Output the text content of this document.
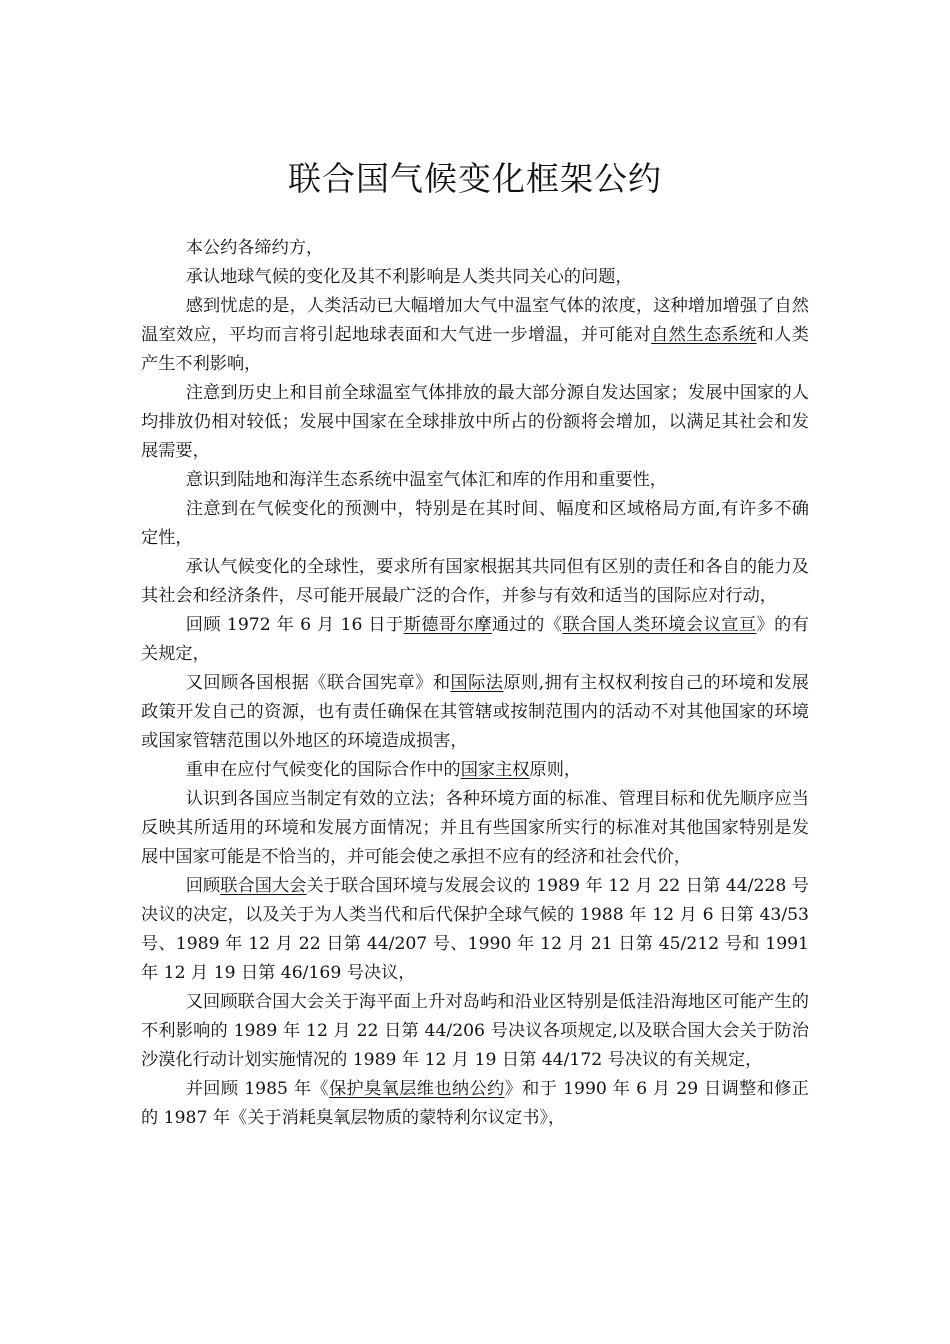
联合国气候变化框架公约

本公约各缔约方，

承认地球气候的变化及其不利影响是人类共同关心的问题，

感到忧虑的是，人类活动已大幅增加大气中温室气体的浓度，这种增加增强了自然温室效应，平均而言将引起地球表面和大气进一步增温，并可能对自然生态系统和人类产生不利影响，

注意到历史上和目前全球温室气体排放的最大部分源自发达国家；发展中国家的人均排放仍相对较低；发展中国家在全球排放中所占的份额将会增加，以满足其社会和发展需要，

意识到陆地和海洋生态系统中温室气体汇和库的作用和重要性，

注意到在气候变化的预测中，特别是在其时间、幅度和区域格局方面,有许多不确定性，

承认气候变化的全球性，要求所有国家根据其共同但有区别的责任和各自的能力及其社会和经济条件，尽可能开展最广泛的合作，并参与有效和适当的国际应对行动，

回顾 1972 年 6 月 16 日于斯德哥尔摩通过的《联合国人类环境会议宣亘》的有关规定，

又回顾各国根据《联合国宪章》和国际法原则,拥有主权权利按自己的环境和发展政策开发自己的资源，也有责任确保在其管辖或按制范围内的活动不对其他国家的环境或国家管辖范围以外地区的环境造成损害，

重申在应付气候变化的国际合作中的国家主权原则，

认识到各国应当制定有效的立法；各种环境方面的标准、管理目标和优先顺序应当反映其所适用的环境和发展方面情况；并且有些国家所实行的标准对其他国家特别是发展中国家可能是不恰当的，并可能会使之承担不应有的经济和社会代价，

回顾联合国大会关于联合国环境与发展会议的 1989 年 12 月 22 日第 44/228 号决议的决定，以及关于为人类当代和后代保护全球气候的 1988 年 12 月 6 日第 43/53 号、1989 年 12 月 22 日第 44/207 号、1990 年 12 月 21 日第 45/212 号和 1991 年 12 月 19 日第 46/169 号决议，

又回顾联合国大会关于海平面上升对岛屿和沿业区特别是低洼沿海地区可能产生的不利影响的 1989 年 12 月 22 日第 44/206 号决议各项规定,以及联合国大会关于防治沙漠化行动计划实施情况的 1989 年 12 月 19 日第 44/172 号决议的有关规定，

并回顾 1985 年《保护臭氧层维也纳公约》和于 1990 年 6 月 29 日调整和修正的 1987 年《关于消耗臭氧层物质的蒙特利尔议定书》，
